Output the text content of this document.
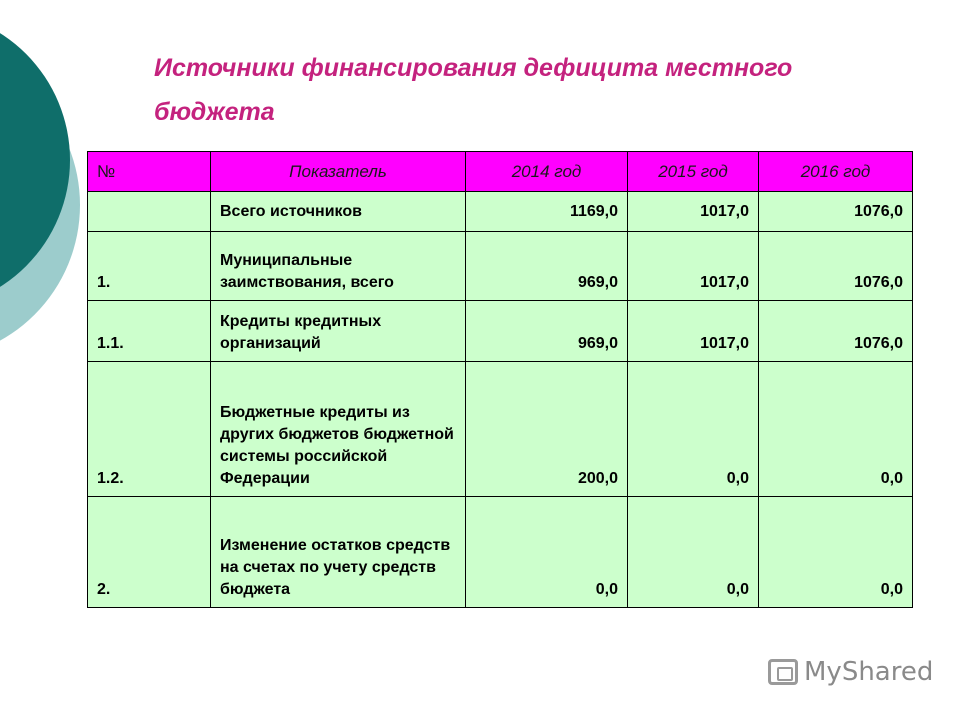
Источники финансирования дефицита местного бюджета
№	Показатель	2014 год	2015 год	2016 год
	Всего источников	1169,0	1017,0	1076,0
1.	Муниципальные заимствования, всего	969,0	1017,0	1076,0
1.1.	Кредиты кредитных организаций	969,0	1017,0	1076,0
1.2.	Бюджетные кредиты из других бюджетов бюджетной системы российской Федерации	200,0	0,0	0,0
2.	Изменение остатков средств на счетах по учету средств бюджета	0,0	0,0	0,0
MyShared
